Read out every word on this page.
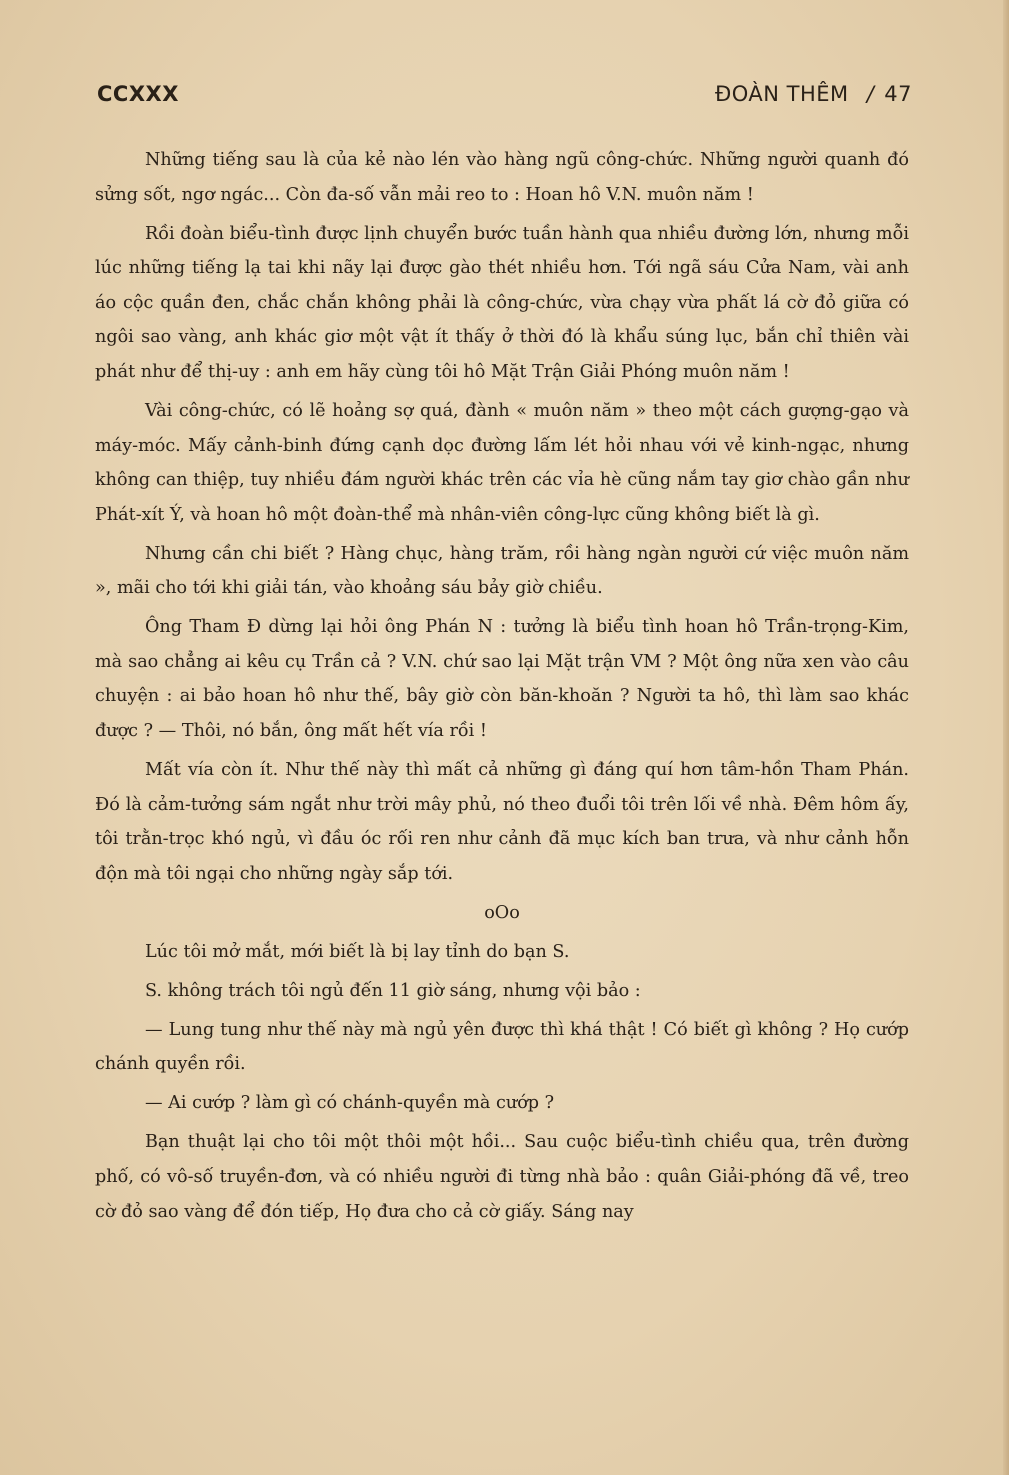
CCXXX	ĐOÀN THÊM / 47

Những tiếng sau là của kẻ nào lén vào hàng ngũ công-chức. Những người quanh đó sửng sốt, ngơ ngác... Còn đa-số vẫn mải reo to : Hoan hô V.N. muôn năm !

Rồi đoàn biểu-tình được lịnh chuyển bước tuần hành qua nhiều đường lớn, nhưng mỗi lúc những tiếng lạ tai khi nãy lại được gào thét nhiều hơn. Tới ngã sáu Cửa Nam, vài anh áo cộc quần đen, chắc chắn không phải là công-chức, vừa chạy vừa phất lá cờ đỏ giữa có ngôi sao vàng, anh khác giơ một vật ít thấy ở thời đó là khẩu súng lục, bắn chỉ thiên vài phát như để thị-uy : anh em hãy cùng tôi hô Mặt Trận Giải Phóng muôn năm !

Vài công-chức, có lẽ hoảng sợ quá, đành « muôn năm » theo một cách gượng-gạo và máy-móc. Mấy cảnh-binh đứng cạnh dọc đường lấm lét hỏi nhau với vẻ kinh-ngạc, nhưng không can thiệp, tuy nhiều đám người khác trên các vỉa hè cũng nắm tay giơ chào gần như Phát-xít Ý, và hoan hô một đoàn-thể mà nhân-viên công-lực cũng không biết là gì.

Nhưng cần chi biết ? Hàng chục, hàng trăm, rồi hàng ngàn người cứ việc muôn năm », mãi cho tới khi giải tán, vào khoảng sáu bảy giờ chiều.

Ông Tham Đ dừng lại hỏi ông Phán N : tưởng là biểu tình hoan hô Trần-trọng-Kim, mà sao chẳng ai kêu cụ Trần cả ? V.N. chứ sao lại Mặt trận VM ? Một ông nữa xen vào câu chuyện : ai bảo hoan hô như thế, bây giờ còn băn-khoăn ? Người ta hô, thì làm sao khác được ? — Thôi, nó bắn, ông mất hết vía rồi !

Mất vía còn ít. Như thế này thì mất cả những gì đáng quí hơn tâm-hồn Tham Phán. Đó là cảm-tưởng sám ngắt như trời mây phủ, nó theo đuổi tôi trên lối về nhà. Đêm hôm ấy, tôi trằn-trọc khó ngủ, vì đầu óc rối ren như cảnh đã mục kích ban trưa, và như cảnh hỗn độn mà tôi ngại cho những ngày sắp tới.

oOo

Lúc tôi mở mắt, mới biết là bị lay tỉnh do bạn S.

S. không trách tôi ngủ đến 11 giờ sáng, nhưng vội bảo :

— Lung tung như thế này mà ngủ yên được thì khá thật ! Có biết gì không ? Họ cướp chánh quyền rồi.

— Ai cướp ? làm gì có chánh-quyền mà cướp ?

Bạn thuật lại cho tôi một thôi một hồi... Sau cuộc biểu-tình chiều qua, trên đường phố, có vô-số truyền-đơn, và có nhiều người đi từng nhà bảo : quân Giải-phóng đã về, treo cờ đỏ sao vàng để đón tiếp, Họ đưa cho cả cờ giấy. Sáng nay
